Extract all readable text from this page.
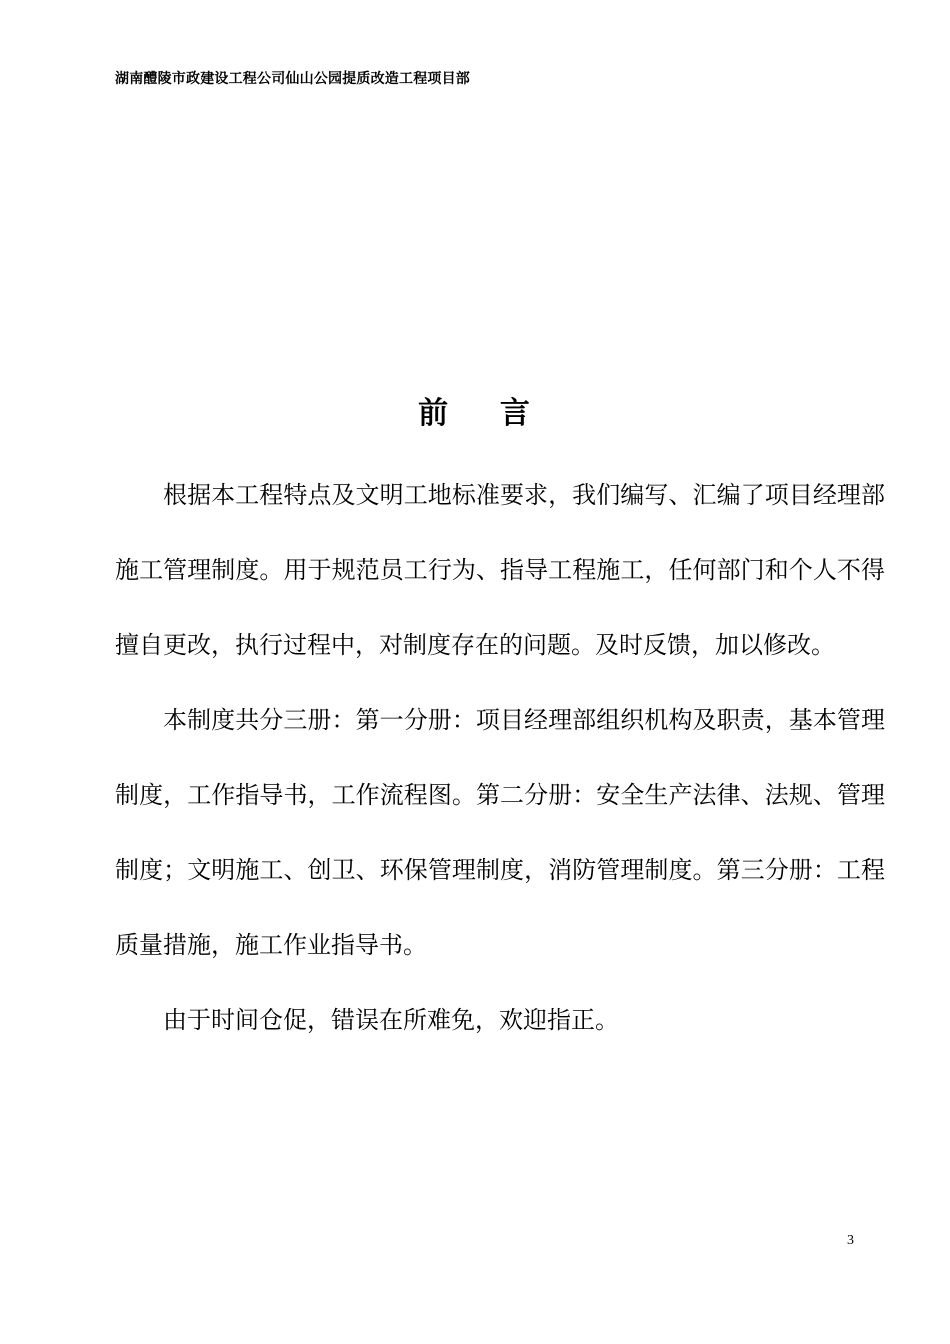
湖南醴陵市政建设工程公司仙山公园提质改造工程项目部
前    言

根据本工程特点及文明工地标准要求，我们编写、汇编了项目经理部施工管理制度。用于规范员工行为、指导工程施工，任何部门和个人不得擅自更改，执行过程中，对制度存在的问题。及时反馈，加以修改。

本制度共分三册：第一分册：项目经理部组织机构及职责，基本管理制度，工作指导书，工作流程图。第二分册：安全生产法律、法规、管理制度；文明施工、创卫、环保管理制度，消防管理制度。第三分册：工程质量措施，施工作业指导书。

由于时间仓促，错误在所难免，欢迎指正。

3
